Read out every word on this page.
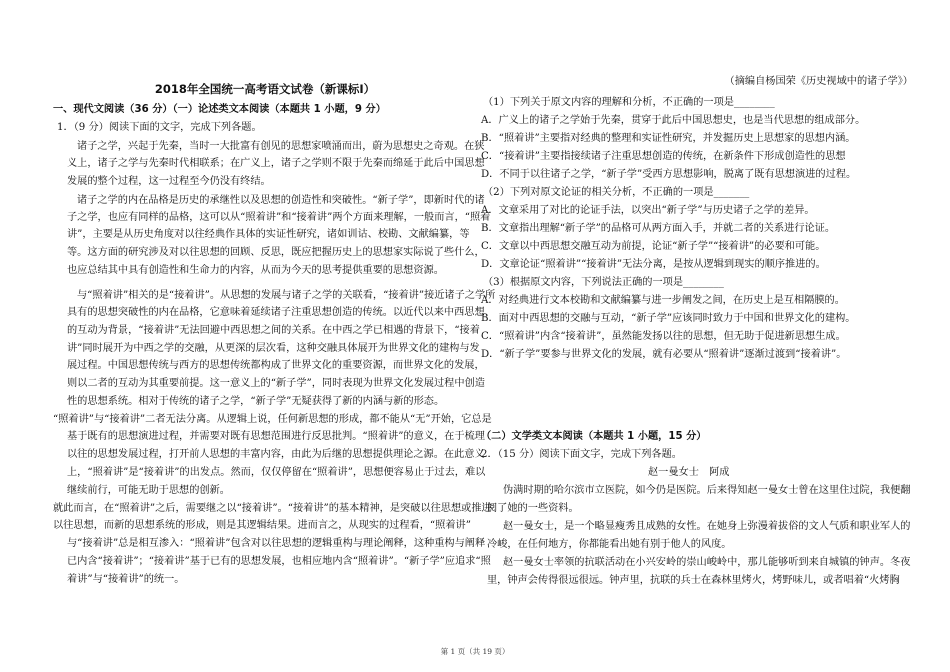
2018年全国统一高考语文试卷（新课标Ⅰ）
一、现代文阅读（36 分）（一）论述类文本阅读（本题共 1 小题，9 分）
1．（9 分）阅读下面的文字，完成下列各题。
诸子之学，兴起于先秦，当时一大批富有创见的思想家喷涌而出，蔚为思想史之奇观。在狭
义上，诸子之学与先秦时代相联系；在广义上，诸子之学则不限于先秦而绵延于此后中国思想
发展的整个过程，这一过程至今仍没有终结。
诸子之学的内在品格是历史的承继性以及思想的创造性和突破性。“新子学”，即新时代的诸
子之学，也应有同样的品格，这可以从“照着讲”和“接着讲”两个方面来理解，一般而言，“照着
讲”，主要是从历史角度对以往经典作具体的实证性研究，诸如训诂、校勘、文献编纂，等
等。这方面的研究涉及对以往思想的回顾、反思，既应把握历史上的思想家实际说了些什么，
也应总结其中具有创造性和生命力的内容，从而为今天的思考提供重要的思想资源。
与“照着讲”相关的是“接着讲”。从思想的发展与诸子之学的关联看，“接着讲”接近诸子之学所
具有的思想突破性的内在品格，它意味着延续诸子注重思想创造的传统。以近代以来中西思想
的互动为背景，“接着讲”无法回避中西思想之间的关系。在中西之学已相遇的背景下，“接着
讲”同时展开为中西之学的交融，从更深的层次看，这种交融具体展开为世界文化的建构与发
展过程。中国思想传统与西方的思想传统都构成了世界文化的重要资源，而世界文化的发展，
则以二者的互动为其重要前提。这一意义上的“新子学”，同时表现为世界文化发展过程中创造
性的思想系统。相对于传统的诸子之学，“新子学”无疑获得了新的内涵与新的形态。
“照着讲”与“接着讲”二者无法分离。从逻辑上说，任何新思想的形成，都不能从“无”开始，它总是
基于既有的思想演进过程，并需要对既有思想范围进行反思批判。“照着讲”的意义，在于梳理
以往的思想发展过程，打开前人思想的丰富内容，由此为后继的思想提供理论之源。在此意义
上，“照着讲”是“接着讲”的出发点。然而，仅仅停留在“照着讲”，思想便容易止于过去，难以
继续前行，可能无助于思想的创新。
就此而言，在“照着讲”之后，需要继之以“接着讲”。“接着讲”的基本精神，是突破以往思想或推进
以往思想，而新的思想系统的形成，则是其逻辑结果。进而言之，从现实的过程看，“照着讲”
与“接着讲”总是相互渗入：“照着讲”包含对以往思想的逻辑重构与理论阐释，这种重构与阐释
已内含“接着讲”；“接着讲”基于已有的思想发展，也相应地内含“照着讲”。“新子学”应追求“照
着讲”与“接着讲”的统一。
（摘编自杨国荣《历史视域中的诸子学》）
（1）下列关于原文内容的理解和分析，不正确的一项是________
A．广义上的诸子之学始于先秦，贯穿于此后中国思想史，也是当代思想的组成部分。
B．“照着讲”主要指对经典的整理和实证性研究，并发掘历史上思想家的思想内涵。
C．“接着讲”主要指接续诸子注重思想创造的传统，在新条件下形成创造性的思想
D．不同于以往诸子之学，“新子学”受西方思想影响，脱离了既有思想演进的过程。
（2）下列对原文论证的相关分析，不正确的一项是_______
A．文章采用了对比的论证手法，以突出“新子学”与历史诸子之学的差异。
B．文章指出理解“新子学”的品格可从两方面入手，并就二者的关系进行论证。
C．文章以中西思想交融互动为前提，论证“新子学”“接着讲”的必要和可能。
D．文章论证“照着讲”“接着讲”无法分离，是按从逻辑到现实的顺序推进的。
（3）根据原文内容，下列说法正确的一项是________
A．对经典进行文本校勘和文献编纂与进一步阐发之间，在历史上是互相隔膜的。
B．面对中西思想的交融与互动，“新子学”应该同时致力于中国和世界文化的建构。
C．“照着讲”内含“接着讲”，虽然能发扬以往的思想，但无助于促进新思想生成。
D．“新子学”要参与世界文化的发展，就有必要从“照着讲”逐渐过渡到“接着讲”。
（二）文学类文本阅读（本题共 1 小题，15 分）
2．（15 分）阅读下面文字，完成下列各题。
赵一曼女士　阿成
伪满时期的哈尔滨市立医院，如今仍是医院。后来得知赵一曼女士曾在这里住过院，我便翻
阅了她的一些资料。
赵一曼女士，是一个略显瘦秀且成熟的女性。在她身上弥漫着拔俗的文人气质和职业军人的
冷峻，在任何地方，你都能看出她有别于他人的风度。
赵一曼女士率领的抗联活动在小兴安岭的崇山峻岭中，那儿能够听到来自城镇的钟声。冬夜
里，钟声会传得很远很远。钟声里，抗联的兵士在森林里烤火，烤野味儿，或者唱着“火烤胸
第 1 页（共 19 页）
